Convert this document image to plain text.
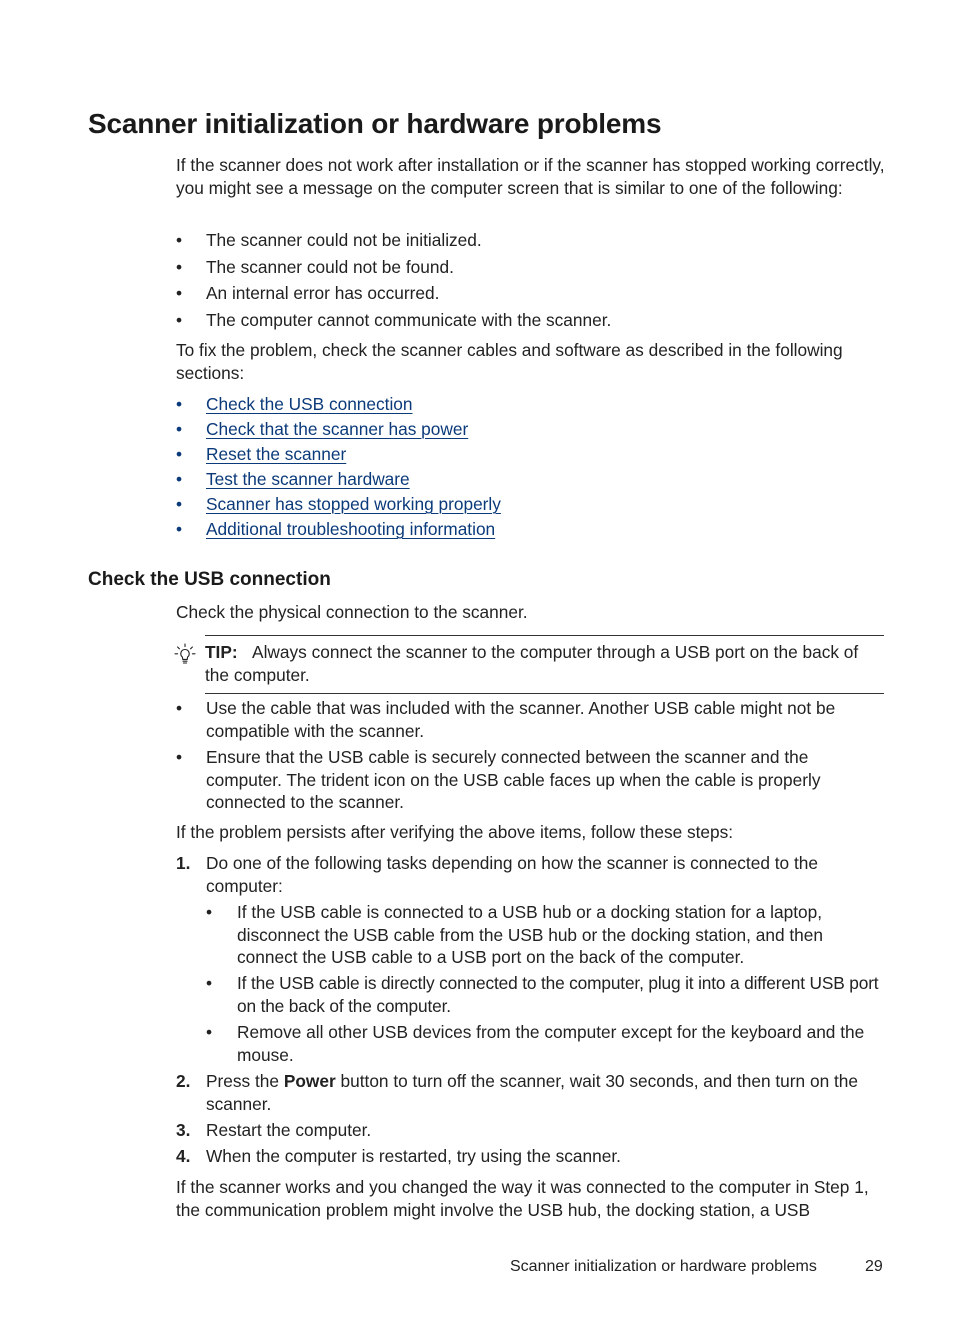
Scanner initialization or hardware problems

If the scanner does not work after installation or if the scanner has stopped working correctly, you might see a message on the computer screen that is similar to one of the following:

• The scanner could not be initialized.

• The scanner could not be found.

• An internal error has occurred.

• The computer cannot communicate with the scanner.

To fix the problem, check the scanner cables and software as described in the following sections:

• Check the USB connection
• Check that the scanner has power
• Reset the scanner
• Test the scanner hardware
• Scanner has stopped working properly
• Additional troubleshooting information
Check the USB connection

Check the physical connection to the scanner.

TIP: Always connect the scanner to the computer through a USB port on the back of the computer.

• Use the cable that was included with the scanner. Another USB cable might not be compatible with the scanner.

• Ensure that the USB cable is securely connected between the scanner and the computer. The trident icon on the USB cable faces up when the cable is properly connected to the scanner.

If the problem persists after verifying the above items, follow these steps:

1. Do one of the following tasks depending on how the scanner is connected to the computer:

• If the USB cable is connected to a USB hub or a docking station for a laptop, disconnect the USB cable from the USB hub or the docking station, and then connect the USB cable to a USB port on the back of the computer.

• If the USB cable is directly connected to the computer, plug it into a different USB port on the back of the computer.

• Remove all other USB devices from the computer except for the keyboard and the mouse.

2. Press the Power button to turn off the scanner, wait 30 seconds, and then turn on the scanner.

3. Restart the computer.

4. When the computer is restarted, try using the scanner.

If the scanner works and you changed the way it was connected to the computer in Step 1, the communication problem might involve the USB hub, the docking station, a USB

Scanner initialization or hardware problems	29
